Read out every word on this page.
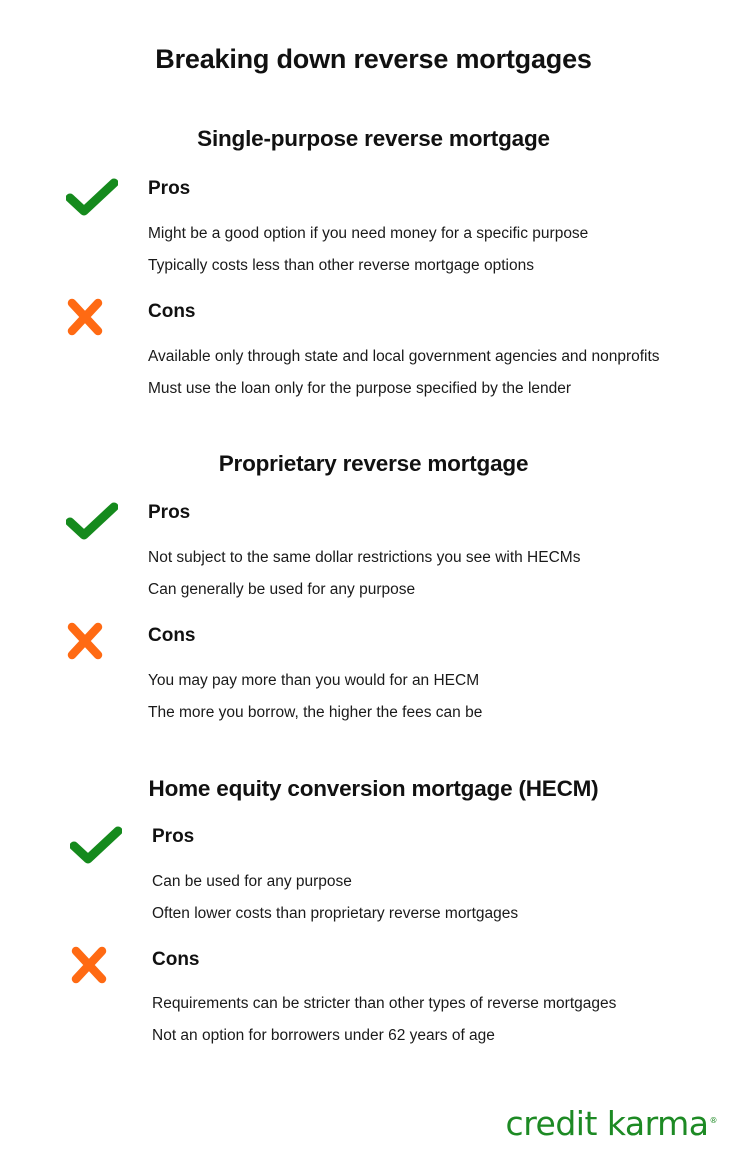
Breaking down reverse mortgages
Single-purpose reverse mortgage
Pros
Might be a good option if you need money for a specific purpose
Typically costs less than other reverse mortgage options
Cons
Available only through state and local government agencies and nonprofits
Must use the loan only for the purpose specified by the lender
Proprietary reverse mortgage
Pros
Not subject to the same dollar restrictions you see with HECMs
Can generally be used for any purpose
Cons
You may pay more than you would for an HECM
The more you borrow, the higher the fees can be
Home equity conversion mortgage (HECM)
Pros
Can be used for any purpose
Often lower costs than proprietary reverse mortgages
Cons
Requirements can be stricter than other types of reverse mortgages
Not an option for borrowers under 62 years of age
credit karma®
